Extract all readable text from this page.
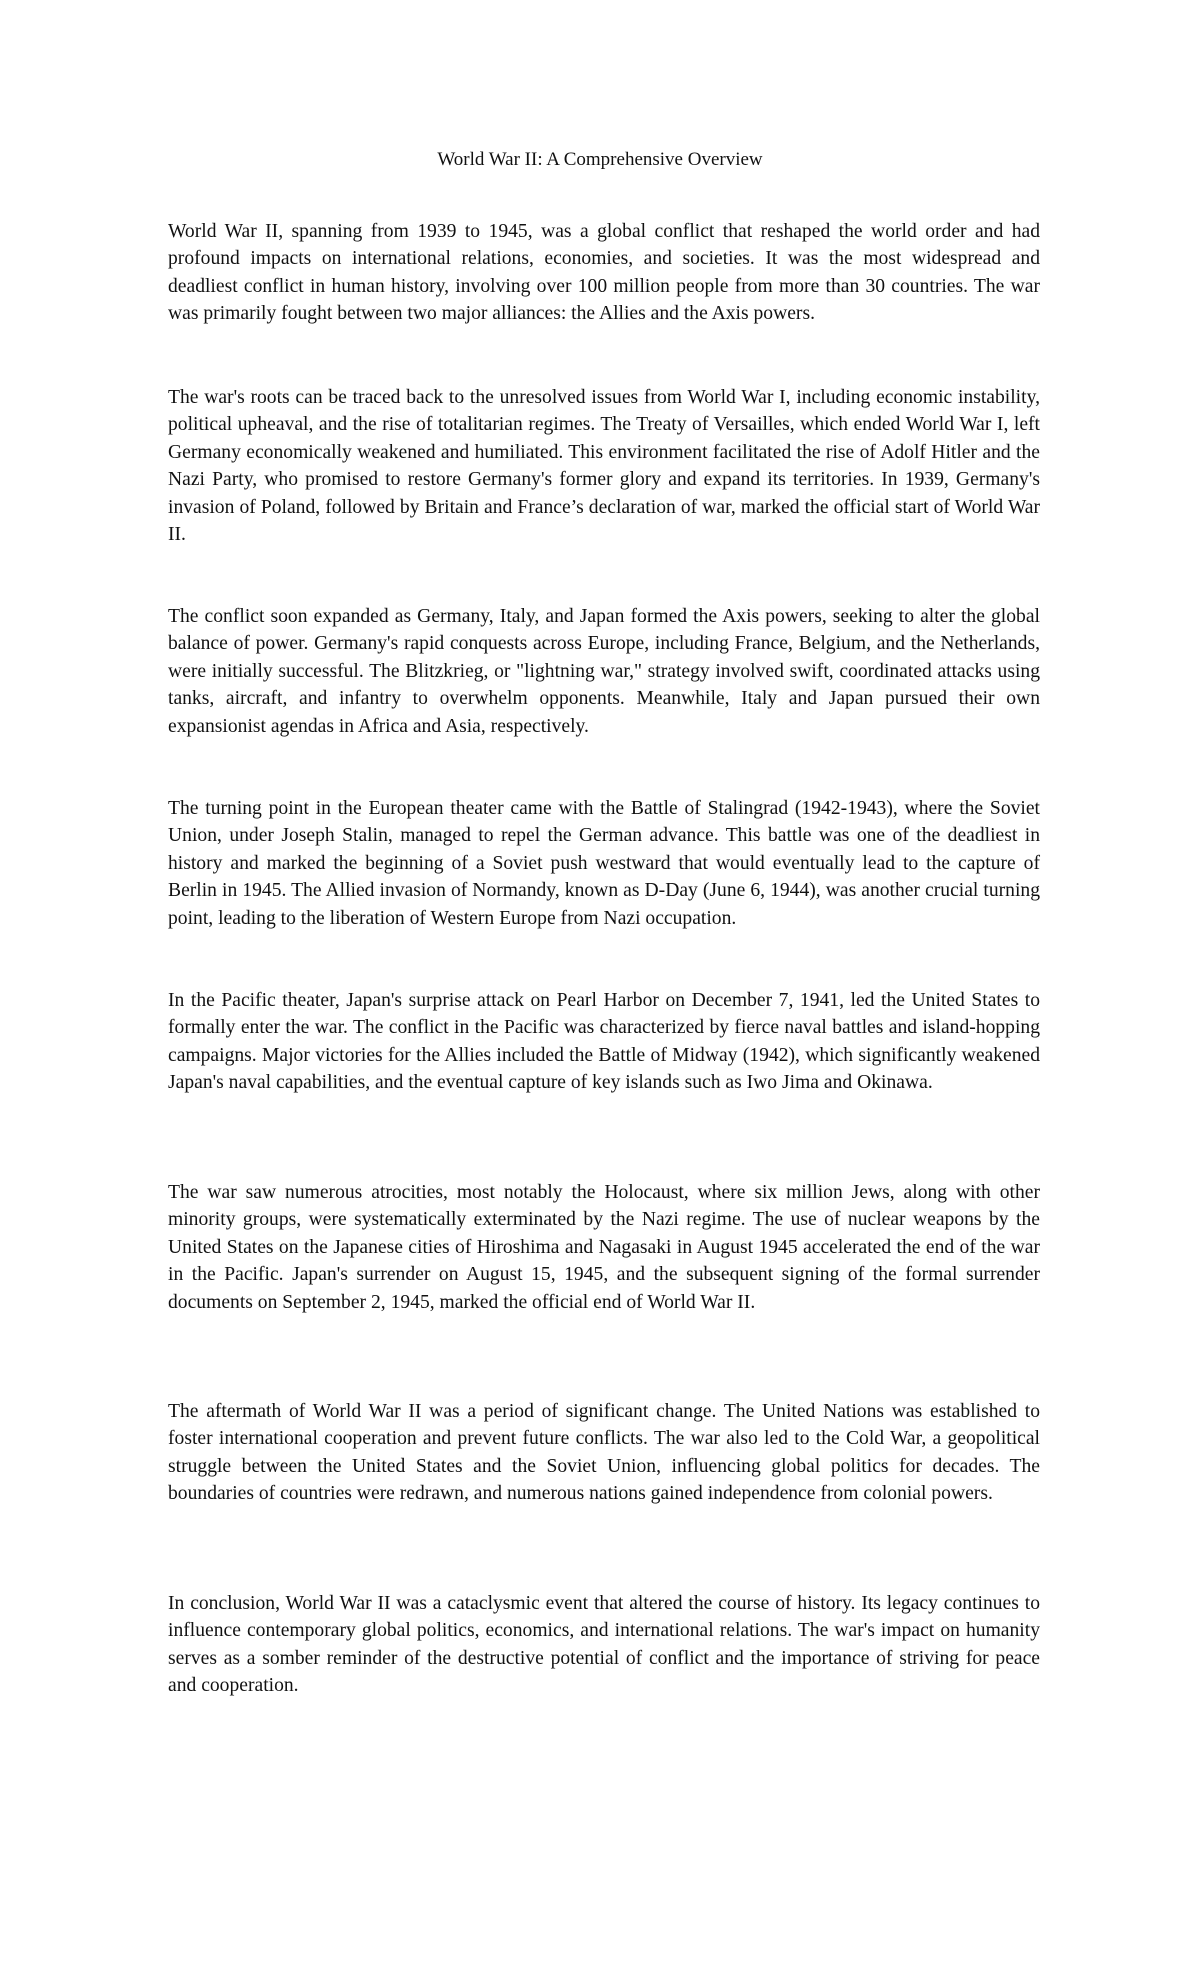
World War II: A Comprehensive Overview

World War II, spanning from 1939 to 1945, was a global conflict that reshaped the world order and had profound impacts on international relations, economies, and societies. It was the most widespread and deadliest conflict in human history, involving over 100 million people from more than 30 countries. The war was primarily fought between two major alliances: the Allies and the Axis powers.

The war's roots can be traced back to the unresolved issues from World War I, including economic instability, political upheaval, and the rise of totalitarian regimes. The Treaty of Versailles, which ended World War I, left Germany economically weakened and humiliated. This environment facilitated the rise of Adolf Hitler and the Nazi Party, who promised to restore Germany's former glory and expand its territories. In 1939, Germany's invasion of Poland, followed by Britain and France’s declaration of war, marked the official start of World War II.

The conflict soon expanded as Germany, Italy, and Japan formed the Axis powers, seeking to alter the global balance of power. Germany's rapid conquests across Europe, including France, Belgium, and the Netherlands, were initially successful. The Blitzkrieg, or "lightning war," strategy involved swift, coordinated attacks using tanks, aircraft, and infantry to overwhelm opponents. Meanwhile, Italy and Japan pursued their own expansionist agendas in Africa and Asia, respectively.

The turning point in the European theater came with the Battle of Stalingrad (1942-1943), where the Soviet Union, under Joseph Stalin, managed to repel the German advance. This battle was one of the deadliest in history and marked the beginning of a Soviet push westward that would eventually lead to the capture of Berlin in 1945. The Allied invasion of Normandy, known as D-Day (June 6, 1944), was another crucial turning point, leading to the liberation of Western Europe from Nazi occupation.

In the Pacific theater, Japan's surprise attack on Pearl Harbor on December 7, 1941, led the United States to formally enter the war. The conflict in the Pacific was characterized by fierce naval battles and island-hopping campaigns. Major victories for the Allies included the Battle of Midway (1942), which significantly weakened Japan's naval capabilities, and the eventual capture of key islands such as Iwo Jima and Okinawa.

The war saw numerous atrocities, most notably the Holocaust, where six million Jews, along with other minority groups, were systematically exterminated by the Nazi regime. The use of nuclear weapons by the United States on the Japanese cities of Hiroshima and Nagasaki in August 1945 accelerated the end of the war in the Pacific. Japan's surrender on August 15, 1945, and the subsequent signing of the formal surrender documents on September 2, 1945, marked the official end of World War II.

The aftermath of World War II was a period of significant change. The United Nations was established to foster international cooperation and prevent future conflicts. The war also led to the Cold War, a geopolitical struggle between the United States and the Soviet Union, influencing global politics for decades. The boundaries of countries were redrawn, and numerous nations gained independence from colonial powers.

In conclusion, World War II was a cataclysmic event that altered the course of history. Its legacy continues to influence contemporary global politics, economics, and international relations. The war's impact on humanity serves as a somber reminder of the destructive potential of conflict and the importance of striving for peace and cooperation.
